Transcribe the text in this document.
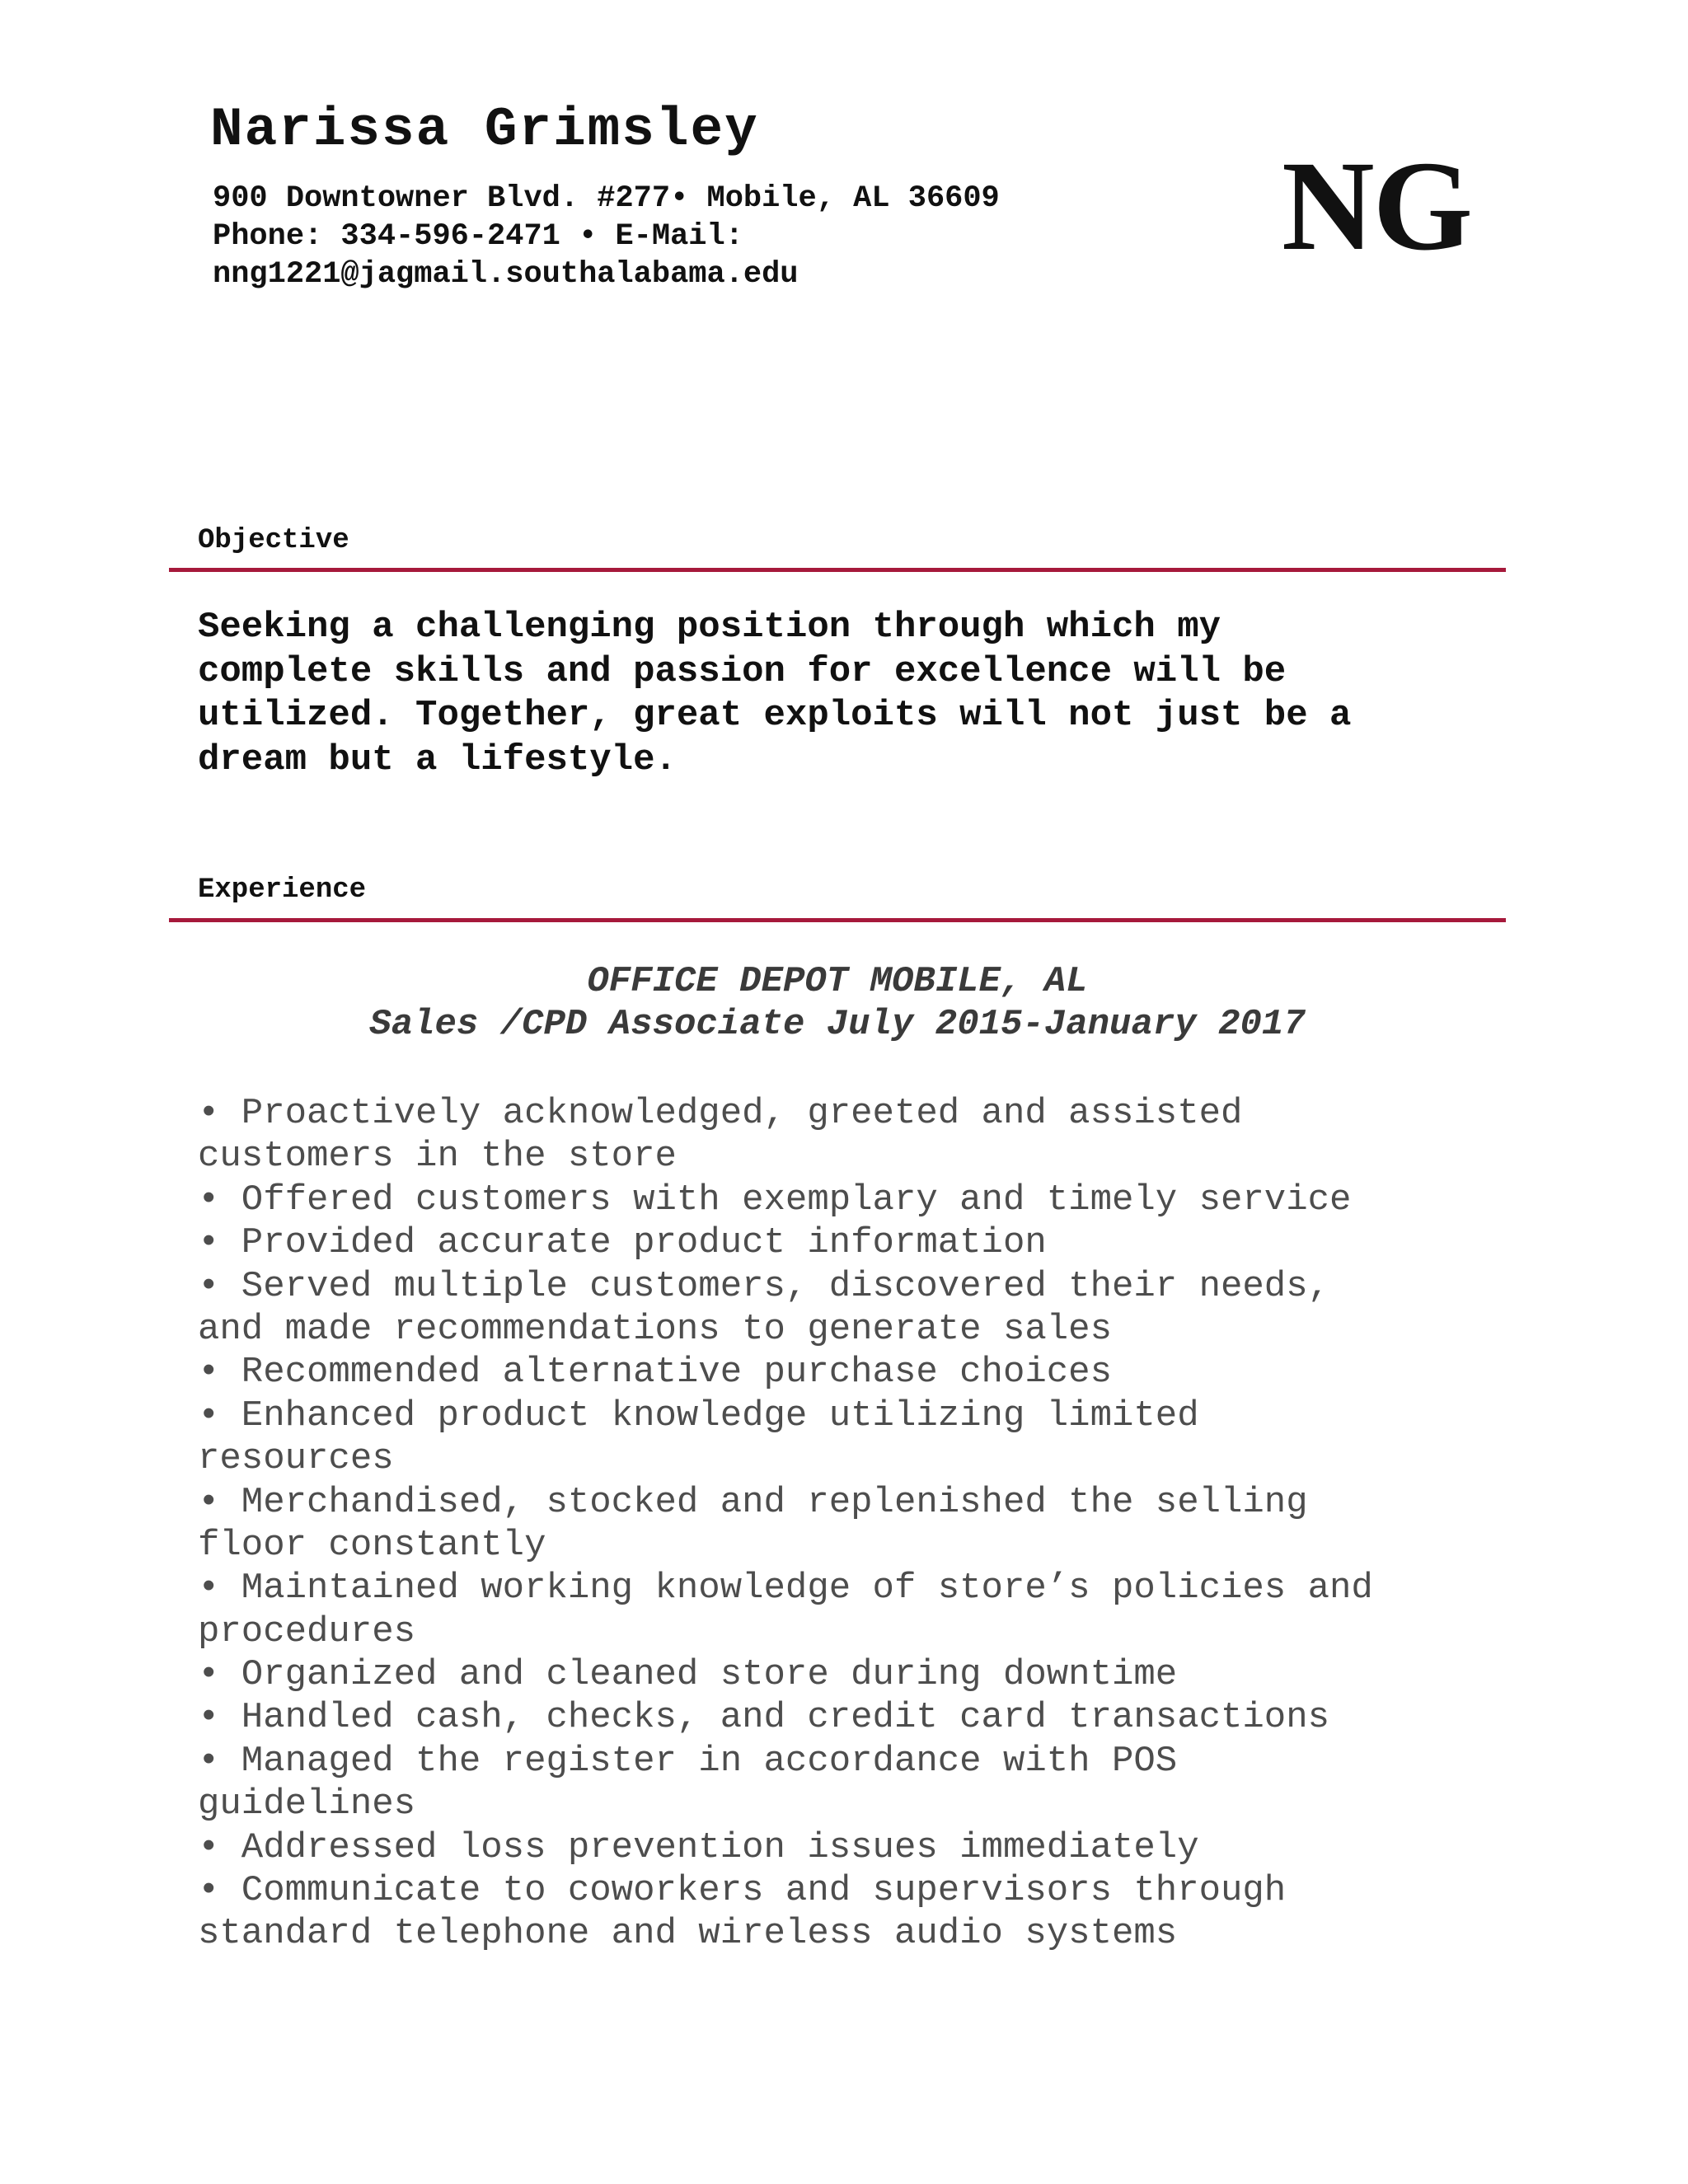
Narissa Grimsley
900 Downtowner Blvd. #277• Mobile, AL 36609
Phone: 334-596-2471 • E-Mail:
nng1221@jagmail.southalabama.edu	NG
Objective
Seeking a challenging position through which my
complete skills and passion for excellence will be
utilized. Together, great exploits will not just be a
dream but a lifestyle.
Experience
OFFICE DEPOT MOBILE, AL
Sales /CPD Associate July 2015-January 2017
• Proactively acknowledged, greeted and assisted
customers in the store
• Offered customers with exemplary and timely service
• Provided accurate product information
• Served multiple customers, discovered their needs,
and made recommendations to generate sales
• Recommended alternative purchase choices
• Enhanced product knowledge utilizing limited
resources
• Merchandised, stocked and replenished the selling
floor constantly
• Maintained working knowledge of store’s policies and
procedures
• Organized and cleaned store during downtime
• Handled cash, checks, and credit card transactions
• Managed the register in accordance with POS
guidelines
• Addressed loss prevention issues immediately
• Communicate to coworkers and supervisors through
standard telephone and wireless audio systems
